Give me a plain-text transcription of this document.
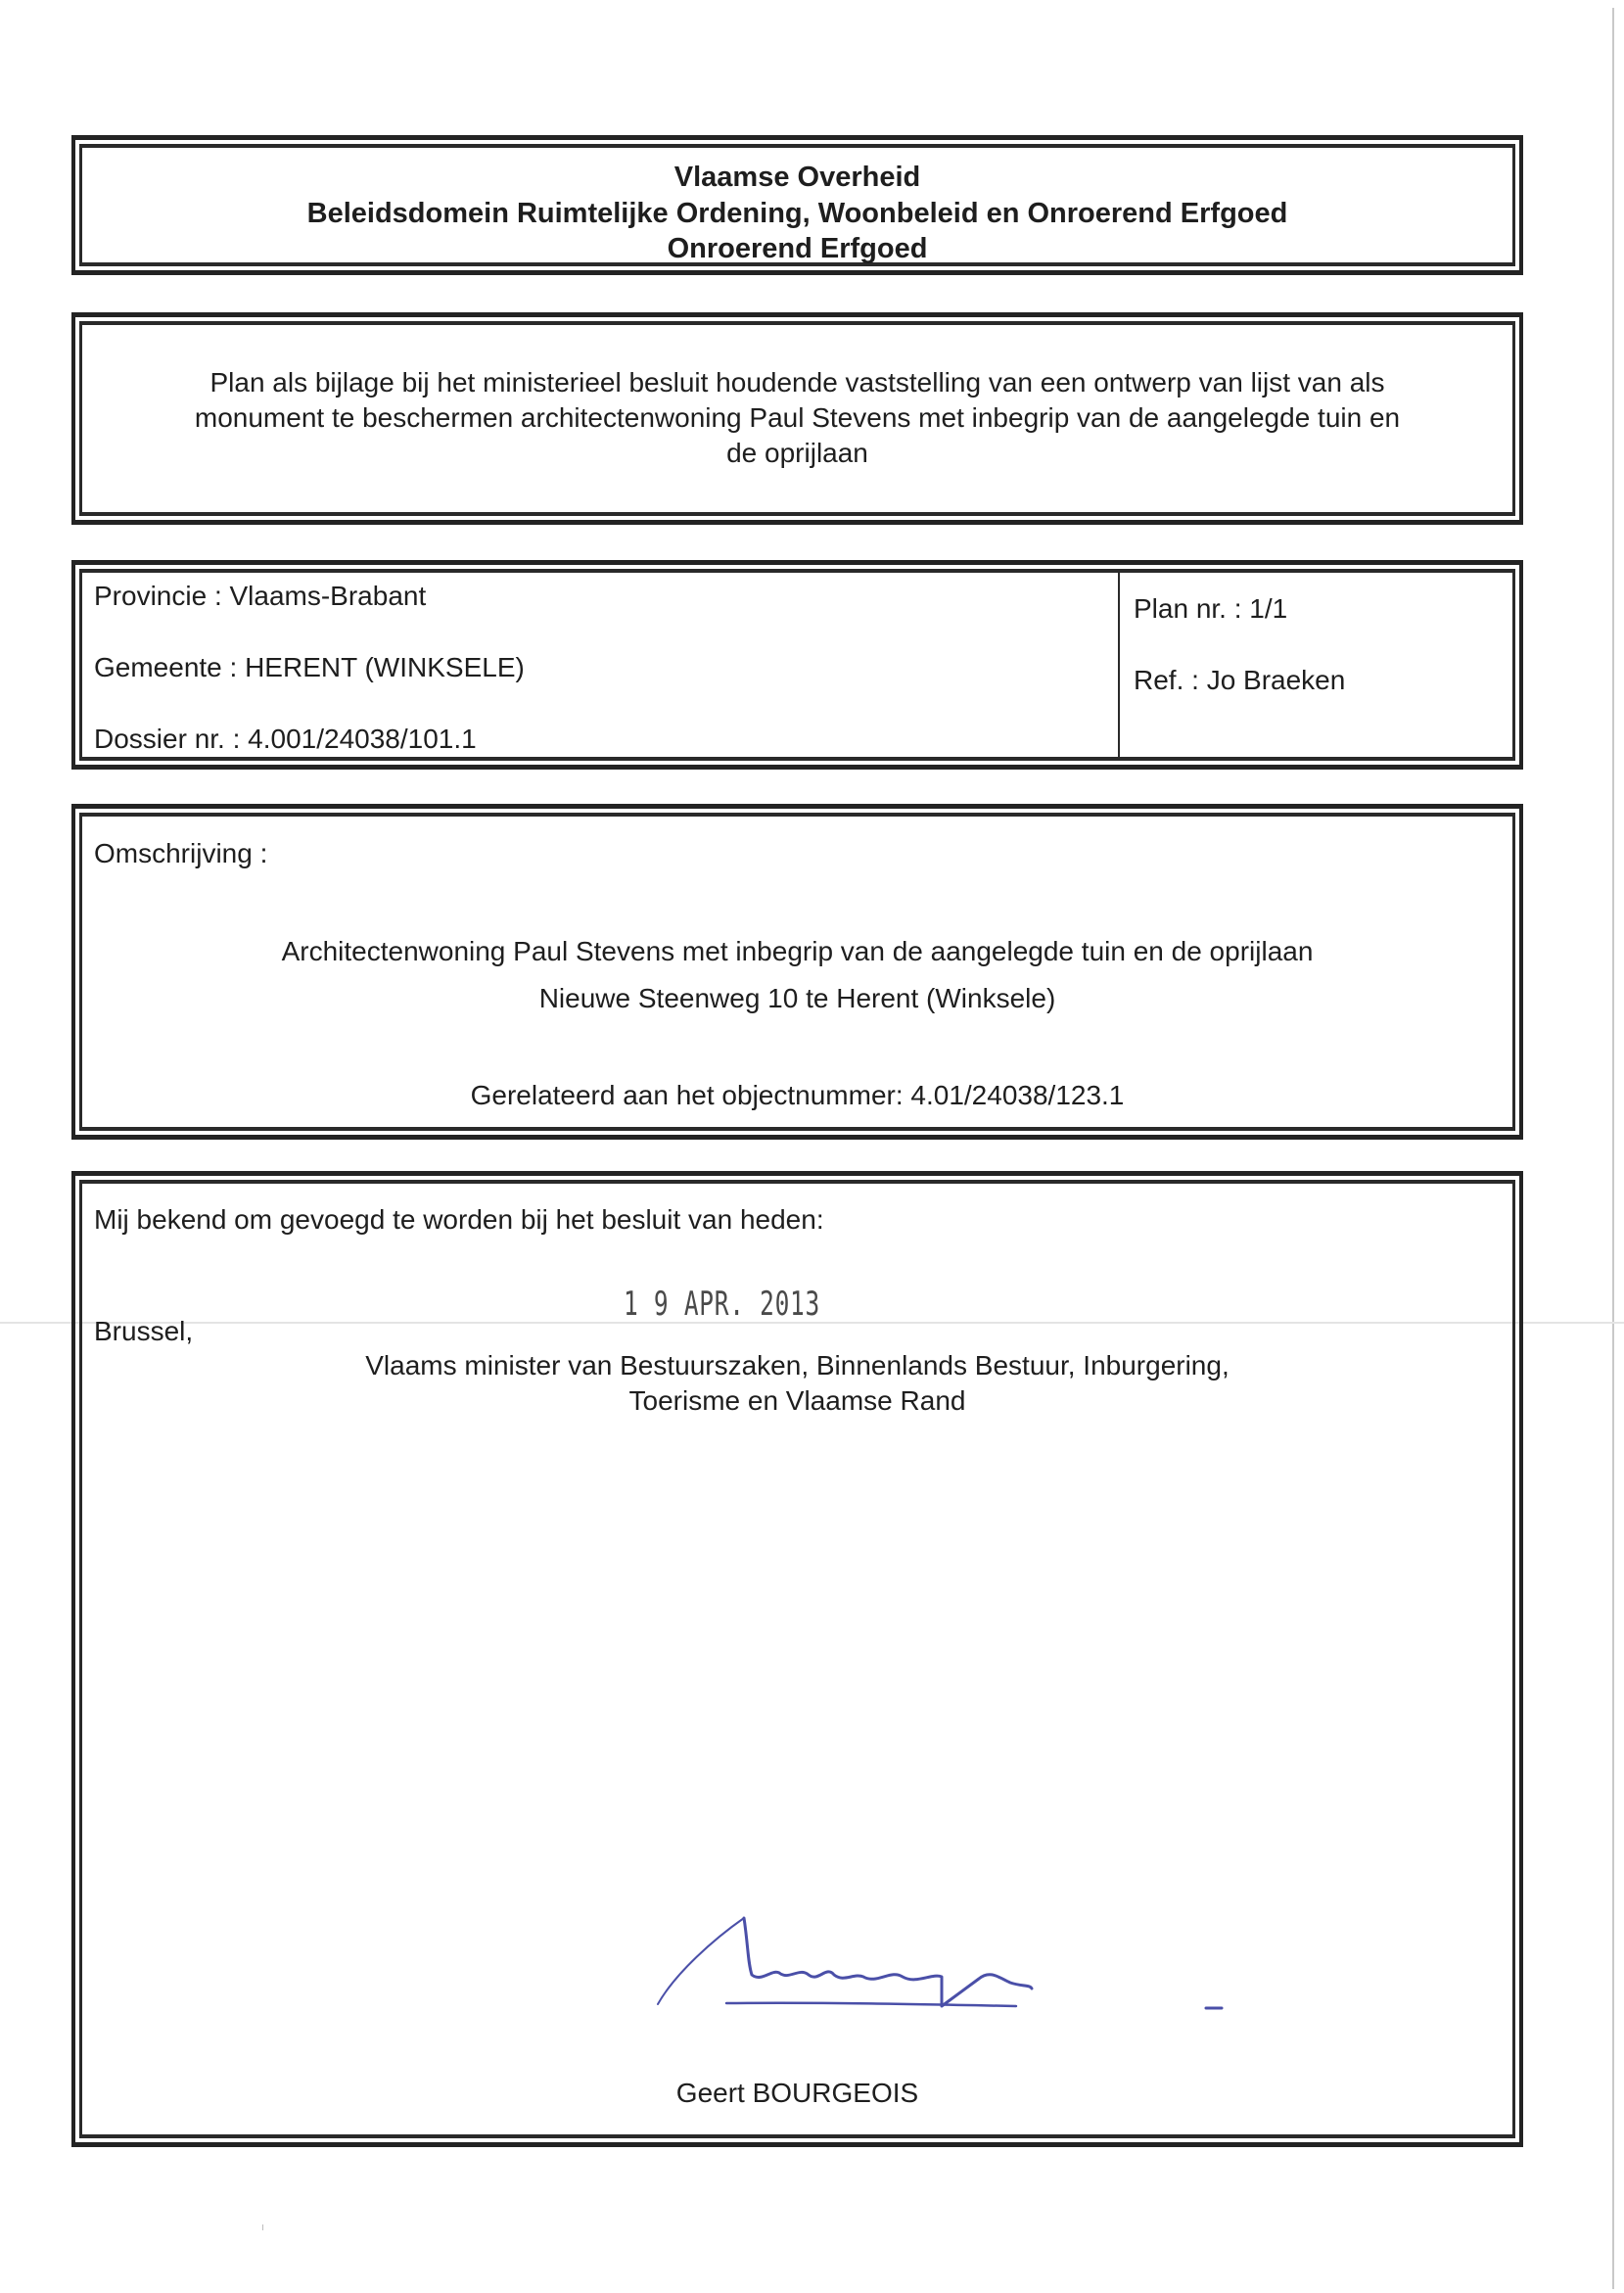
Vlaamse Overheid
Beleidsdomein Ruimtelijke Ordening, Woonbeleid en Onroerend Erfgoed
Onroerend Erfgoed
Plan als bijlage bij het ministerieel besluit houdende vaststelling van een ontwerp van lijst van als
monument te beschermen architectenwoning Paul Stevens met inbegrip van de aangelegde tuin en
de oprijlaan
Provincie : Vlaams-Brabant
Gemeente : HERENT (WINKSELE)
Dossier nr. : 4.001/24038/101.1
Plan nr. : 1/1
Ref. : Jo Braeken
Omschrijving :
Architectenwoning Paul Stevens met inbegrip van de aangelegde tuin en de oprijlaan
Nieuwe Steenweg 10 te Herent (Winksele)
Gerelateerd aan het objectnummer: 4.01/24038/123.1
Mij bekend om gevoegd te worden bij het besluit van heden:
Brussel,
1 9 APR. 2013
Vlaams minister van Bestuurszaken, Binnenlands Bestuur, Inburgering,
Toerisme en Vlaamse Rand
Geert BOURGEOIS
